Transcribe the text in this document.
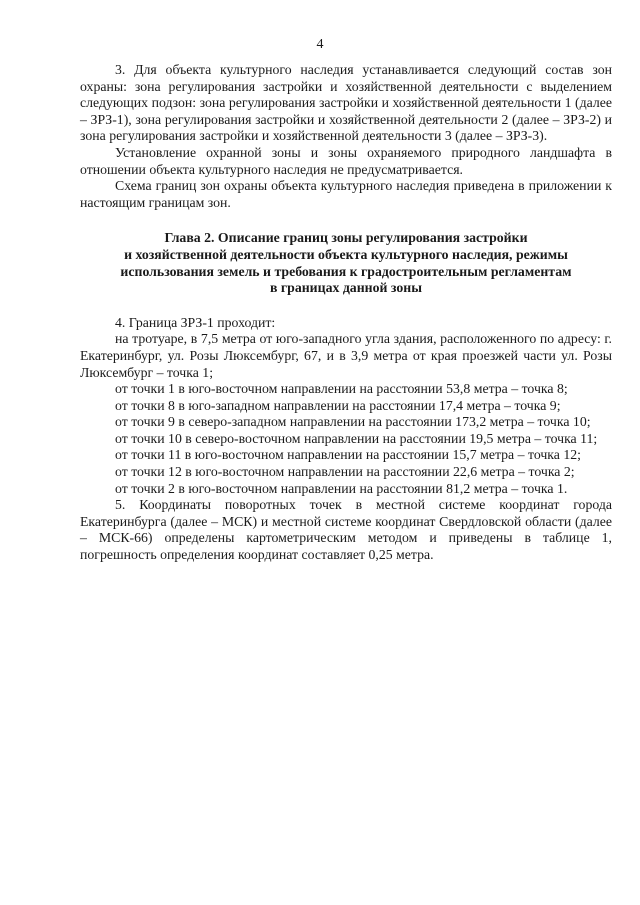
4

3. Для объекта культурного наследия устанавливается следующий состав зон охраны: зона регулирования застройки и хозяйственной деятельности с выделением следующих подзон: зона регулирования застройки и хозяйственной деятельности 1 (далее – ЗРЗ-1), зона регулирования застройки и хозяйственной деятельности 2 (далее – ЗРЗ-2) и зона регулирования застройки и хозяйственной деятельности 3 (далее – ЗРЗ-3).

Установление охранной зоны и зоны охраняемого природного ландшафта в отношении объекта культурного наследия не предусматривается.

Схема границ зон охраны объекта культурного наследия приведена в приложении к настоящим границам зон.

Глава 2. Описание границ зоны регулирования застройки
и хозяйственной деятельности объекта культурного наследия, режимы
использования земель и требования к градостроительным регламентам
в границах данной зоны

4. Граница ЗРЗ-1 проходит:

на тротуаре, в 7,5 метра от юго-западного угла здания, расположенного по адресу: г. Екатеринбург, ул. Розы Люксембург, 67, и в 3,9 метра от края проезжей части ул. Розы Люксембург – точка 1;

от точки 1 в юго-восточном направлении на расстоянии 53,8 метра – точка 8;

от точки 8 в юго-западном направлении на расстоянии 17,4 метра – точка 9;

от точки 9 в северо-западном направлении на расстоянии 173,2 метра – точка 10;

от точки 10 в северо-восточном направлении на расстоянии 19,5 метра – точка 11;

от точки 11 в юго-восточном направлении на расстоянии 15,7 метра – точка 12;

от точки 12 в юго-восточном направлении на расстоянии 22,6 метра – точка 2;

от точки 2 в юго-восточном направлении на расстоянии 81,2 метра – точка 1.

5. Координаты поворотных точек в местной системе координат города Екатеринбурга (далее – МСК) и местной системе координат Свердловской области (далее – МСК-66) определены картометрическим методом и приведены в таблице 1, погрешность определения координат составляет 0,25 метра.
